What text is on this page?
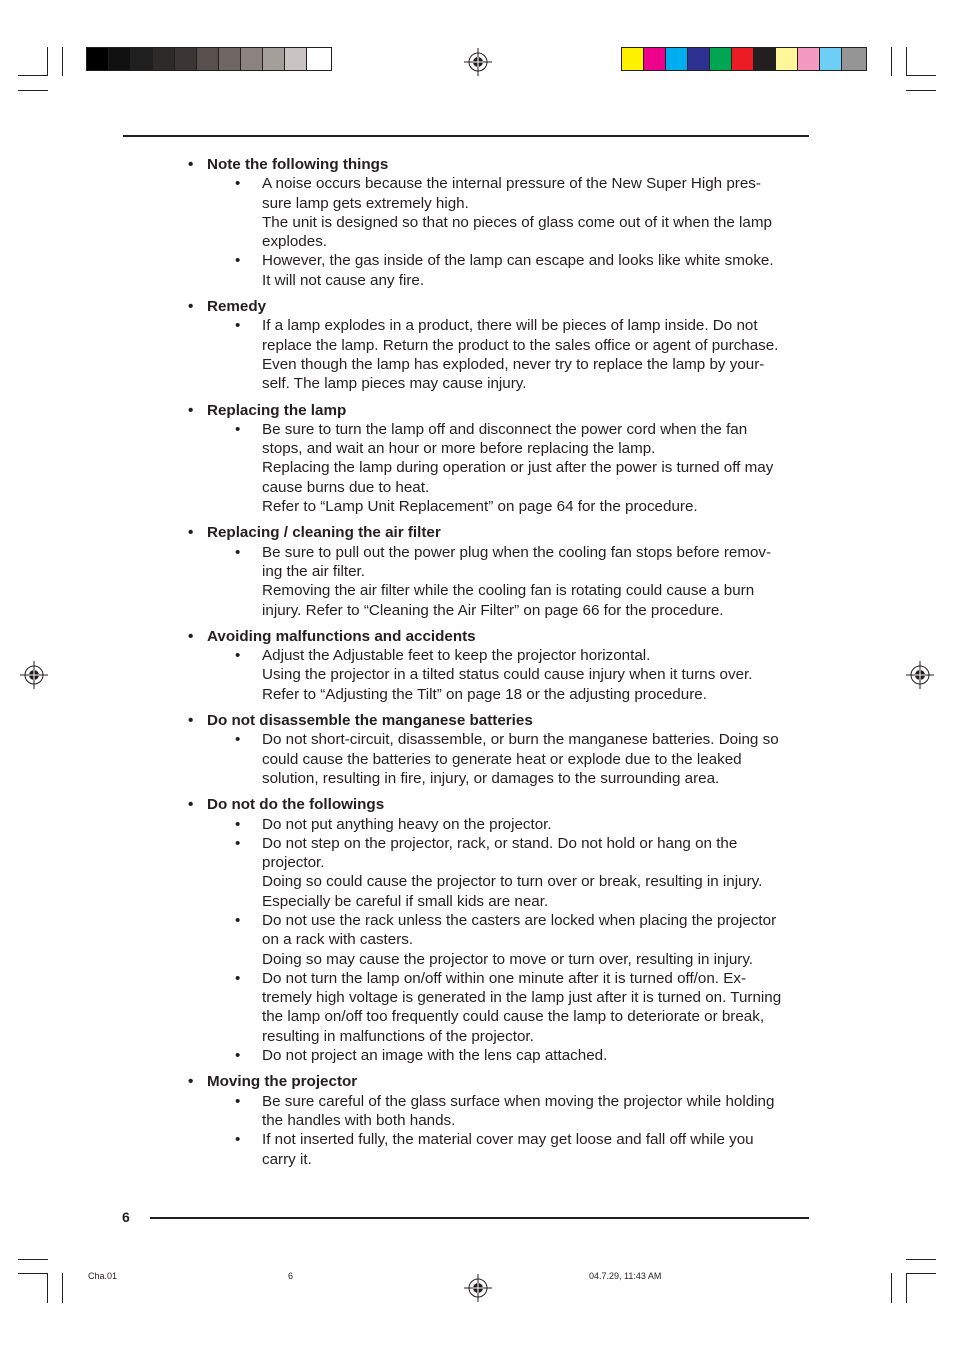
• Note the following things
•	A noise occurs because the internal pressure of the New Super High pres-
sure lamp gets extremely high.
The unit is designed so that no pieces of glass come out of it when the lamp
explodes.
•	However, the gas inside of the lamp can escape and looks like white smoke.
It will not cause any fire.
• Remedy
•	If a lamp explodes in a product, there will be pieces of lamp inside. Do not
replace the lamp. Return the product to the sales office or agent of purchase.
Even though the lamp has exploded, never try to replace the lamp by your-
self. The lamp pieces may cause injury.
• Replacing the lamp
•	Be sure to turn the lamp off and disconnect the power cord when the fan
stops, and wait an hour or more before replacing the lamp.
Replacing the lamp during operation or just after the power is turned off may
cause burns due to heat.
Refer to “Lamp Unit Replacement” on page 64 for the procedure.
• Replacing / cleaning the air filter
•	Be sure to pull out the power plug when the cooling fan stops before remov-
ing the air filter.
Removing the air filter while the cooling fan is rotating could cause a burn
injury. Refer to “Cleaning the Air Filter” on page 66 for the procedure.
• Avoiding malfunctions and accidents
•	Adjust the Adjustable feet to keep the projector horizontal.
Using the projector in a tilted status could cause injury when it turns over.
Refer to “Adjusting the Tilt” on page 18 or the adjusting procedure.
• Do not disassemble the manganese batteries
•	Do not short-circuit, disassemble, or burn the manganese batteries. Doing so
could cause the batteries to generate heat or explode due to the leaked
solution, resulting in fire, injury, or damages to the surrounding area.
• Do not do the followings
•	Do not put anything heavy on the projector.
•	Do not step on the projector, rack, or stand. Do not hold or hang on the
projector.
Doing so could cause the projector to turn over or break, resulting in injury.
Especially be careful if small kids are near.
•	Do not use the rack unless the casters are locked when placing the projector
on a rack with casters.
Doing so may cause the projector to move or turn over, resulting in injury.
•	Do not turn the lamp on/off within one minute after it is turned off/on. Ex-
tremely high voltage is generated in the lamp just after it is turned on. Turning
the lamp on/off too frequently could cause the lamp to deteriorate or break,
resulting in malfunctions of the projector.
•	Do not project an image with the lens cap attached.
• Moving the projector
•	Be sure careful of the glass surface when moving the projector while holding
the handles with both hands.
•	If not inserted fully, the material cover may get loose and fall off while you
carry it.
6
Cha.01	6	04.7.29, 11:43 AM
